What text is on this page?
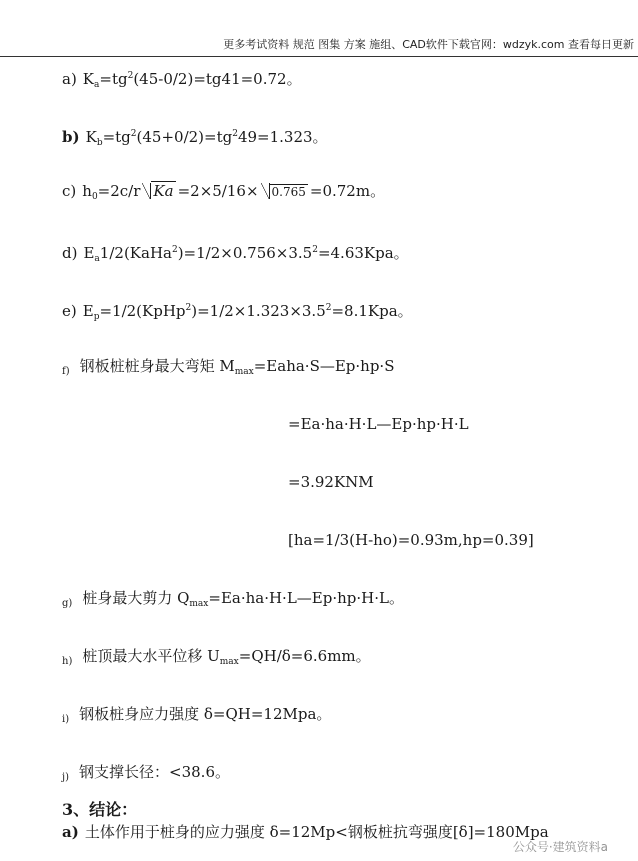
更多考试资料 规范 图集 方案 施组、CAD软件下载官网：wdzyk.com 查看每日更新
a) $K_a=tg^2(45-0/2)=tg41=0.72$。
b) $K_b=tg^2(45+0/2)=tg^249=1.323$。
c) $h_0=2c/r$ Ka =2×5/16× 0.765 =0.72m。
d) $E_a1/2(KaHa^2)=1/2\times 0.756\times 3.5^2=4.63Kpa$。
e) $E_p=1/2(KpHp^2)=1/2\times 1.323\times 3.5^2=8.1Kpa$。
f) 钢板桩桩身最大弯矩 $M_{max}=Eaha\cdot S—Ep\cdot hp\cdot S$
=Ea·ha·H·L—Ep·hp·H·L
=3.92KNM
[ha=1/3(H-ho)=0.93m,hp=0.39]
g) 桩身最大剪力 $Q_{max}=Ea\cdot ha\cdot H\cdot L—Ep\cdot hp\cdot H\cdot L$。
h) 桩顶最大水平位移 $U_{max}=QH/\delta=6.6mm$。
i) 钢板桩身应力强度 δ=QH=12Mpa。
j) 钢支撑长径：<38.6。
3、结论：
a) 土体作用于桩身的应力强度 δ=12Mp<钢板桩抗弯强度[δ]=180Mpa
公众号·建筑资料a
